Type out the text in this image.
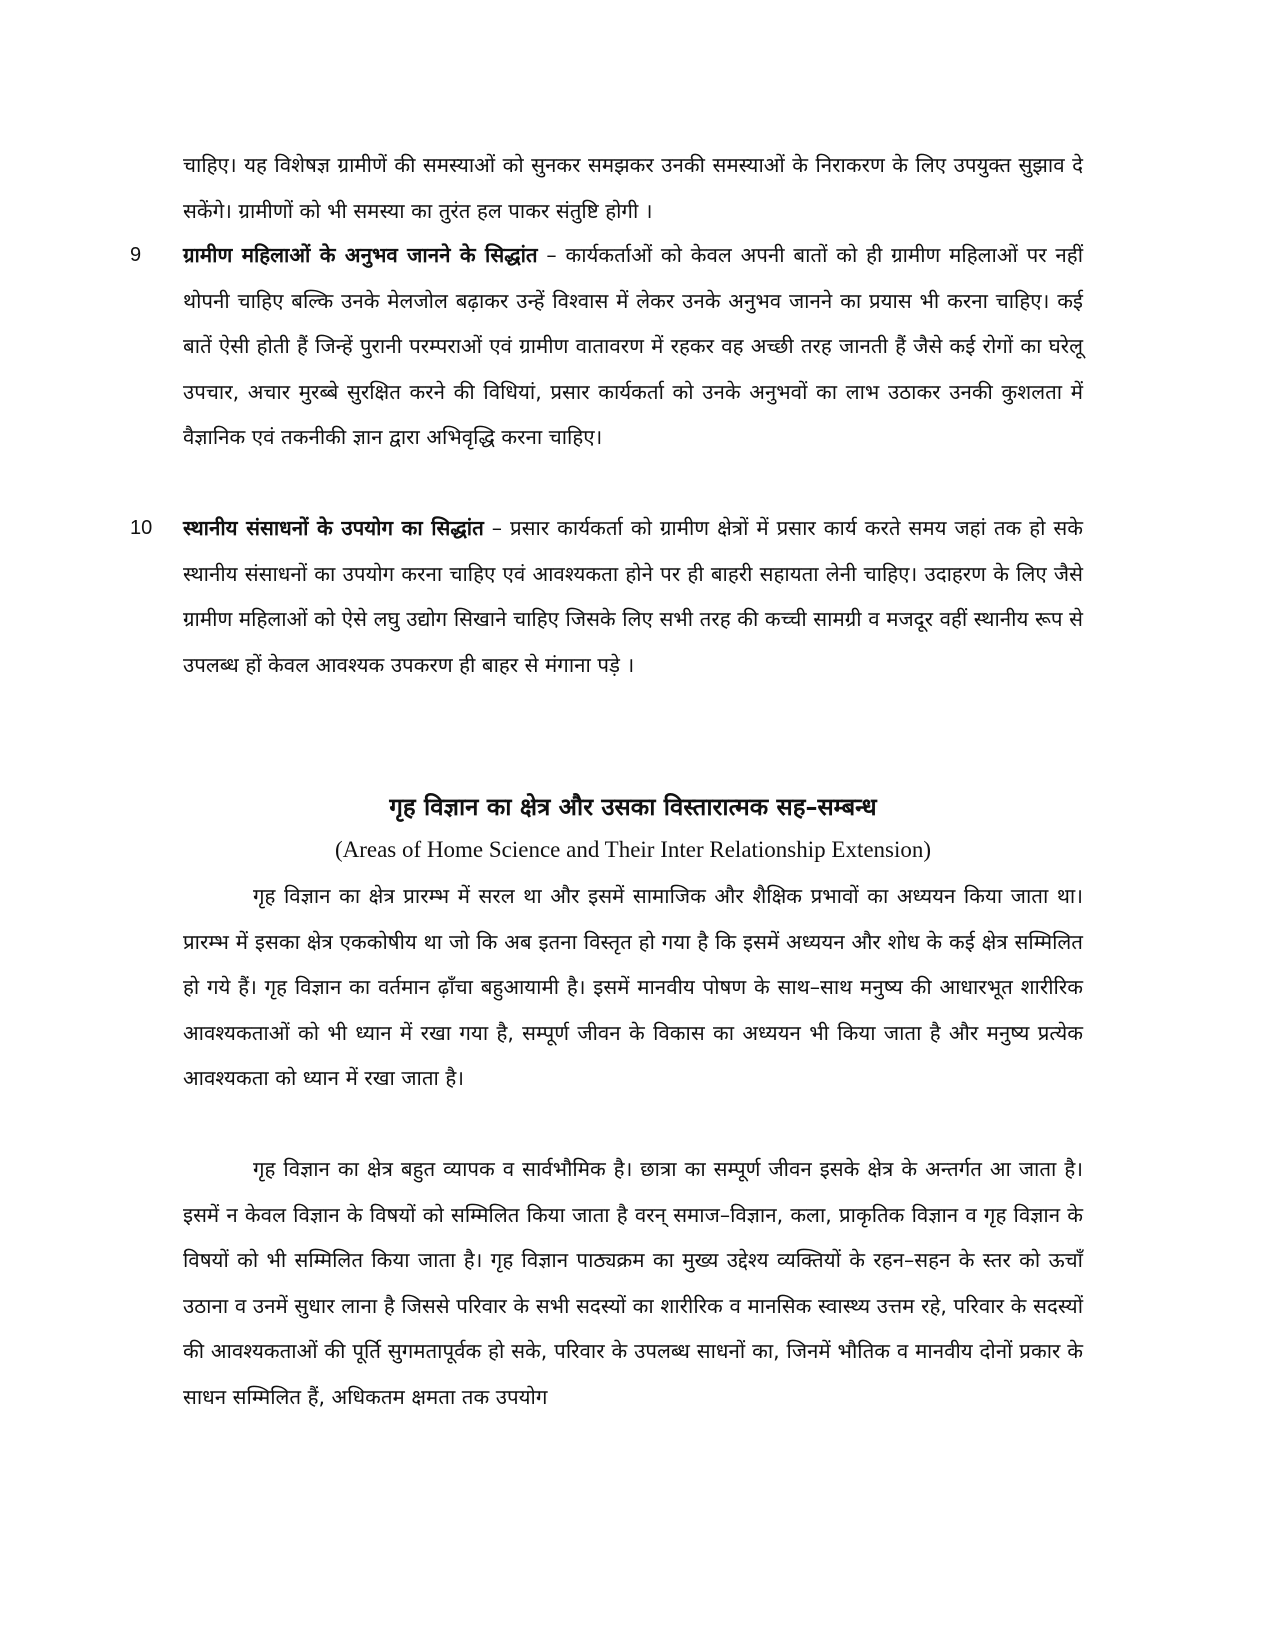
चाहिए। यह विशेषज्ञ ग्रामीणें की समस्याओं को सुनकर समझकर उनकी समस्याओं के निराकरण के लिए उपयुक्त सुझाव दे सकेंगे। ग्रामीणों को भी समस्या का तुरंत हल पाकर संतुष्टि होगी ।

9 ग्रामीण महिलाओं के अनुभव जानने के सिद्धांत – कार्यकर्ताओं को केवल अपनी बातों को ही ग्रामीण महिलाओं पर नहीं थोपनी चाहिए बल्कि उनके मेलजोल बढ़ाकर उन्हें विश्वास में लेकर उनके अनुभव जानने का प्रयास भी करना चाहिए। कई बातें ऐसी होती हैं जिन्हें पुरानी परम्पराओं एवं ग्रामीण वातावरण में रहकर वह अच्छी तरह जानती हैं जैसे कई रोगों का घरेलू उपचार, अचार मुरब्बे सुरक्षित करने की विधियां, प्रसार कार्यकर्ता को उनके अनुभवों का लाभ उठाकर उनकी कुशलता में वैज्ञानिक एवं तकनीकी ज्ञान द्वारा अभिवृद्धि करना चाहिए।
10 स्थानीय संसाधनों के उपयोग का सिद्धांत – प्रसार कार्यकर्ता को ग्रामीण क्षेत्रों में प्रसार कार्य करते समय जहां तक हो सके स्थानीय संसाधनों का उपयोग करना चाहिए एवं आवश्यकता होने पर ही बाहरी सहायता लेनी चाहिए। उदाहरण के लिए जैसे ग्रामीण महिलाओं को ऐसे लघु उद्योग सिखाने चाहिए जिसके लिए सभी तरह की कच्ची सामग्री व मजदूर वहीं स्थानीय रूप से उपलब्ध हों केवल आवश्यक उपकरण ही बाहर से मंगाना पड़े ।
गृह विज्ञान का क्षेत्र और उसका विस्तारात्मक सह–सम्बन्ध
(Areas of Home Science and Their Inter Relationship Extension)

गृह विज्ञान का क्षेत्र प्रारम्भ में सरल था और इसमें सामाजिक और शैक्षिक प्रभावों का अध्ययन किया जाता था। प्रारम्भ में इसका क्षेत्र एककोषीय था जो कि अब इतना विस्तृत हो गया है कि इसमें अध्ययन और शोध के कई क्षेत्र सम्मिलित हो गये हैं। गृह विज्ञान का वर्तमान ढ़ाँचा बहुआयामी है। इसमें मानवीय पोषण के साथ–साथ मनुष्य की आधारभूत शारीरिक आवश्यकताओं को भी ध्यान में रखा गया है, सम्पूर्ण जीवन के विकास का अध्ययन भी किया जाता है और मनुष्य प्रत्येक आवश्यकता को ध्यान में रखा जाता है।

गृह विज्ञान का क्षेत्र बहुत व्यापक व सार्वभौमिक है। छात्रा का सम्पूर्ण जीवन इसके क्षेत्र के अन्तर्गत आ जाता है। इसमें न केवल विज्ञान के विषयों को सम्मिलित किया जाता है वरन् समाज–विज्ञान, कला, प्राकृतिक विज्ञान व गृह विज्ञान के विषयों को भी सम्मिलित किया जाता है। गृह विज्ञान पाठ्यक्रम का मुख्य उद्देश्य व्यक्तियों के रहन–सहन के स्तर को ऊचाँ उठाना व उनमें सुधार लाना है जिससे परिवार के सभी सदस्यों का शारीरिक व मानसिक स्वास्थ्य उत्तम रहे, परिवार के सदस्यों की आवश्यकताओं की पूर्ति सुगमतापूर्वक हो सके, परिवार के उपलब्ध साधनों का, जिनमें भौतिक व मानवीय दोनों प्रकार के साधन सम्मिलित हैं, अधिकतम क्षमता तक उपयोग
